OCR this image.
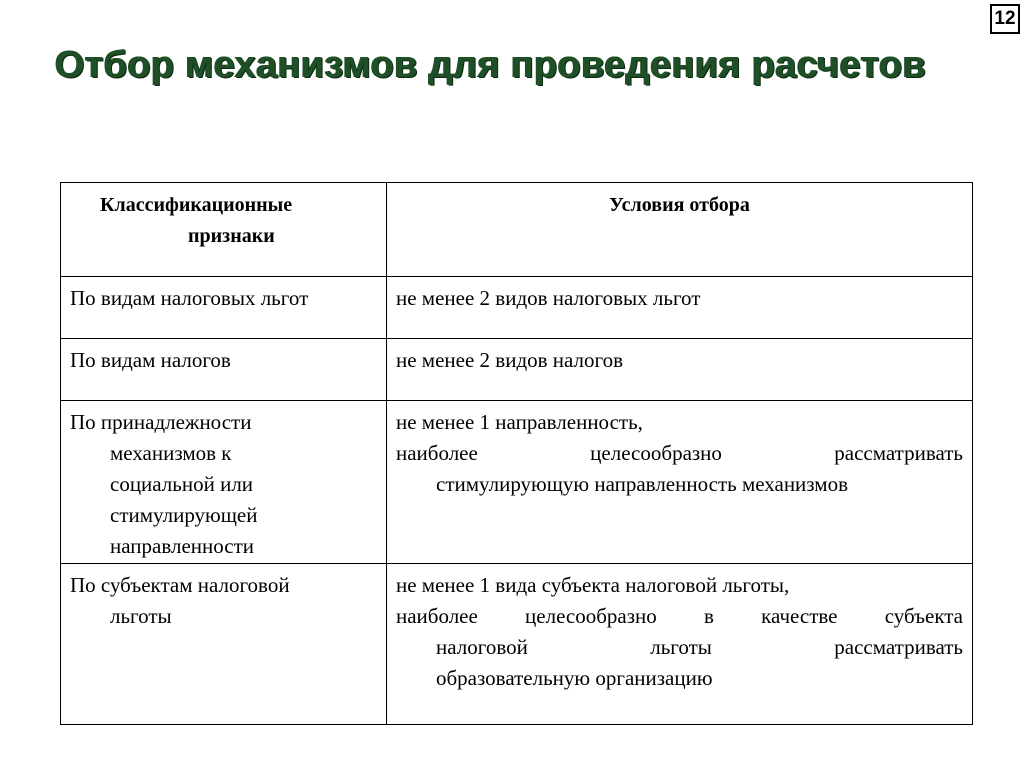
12
Отбор механизмов для проведения расчетов
Классификационные
признаки	Условия отбора

По видам налоговых льгот	не менее 2 видов налоговых льгот

По видам налогов	не менее 2 видов налогов

По принадлежности
механизмов к
социальной или
стимулирующей
направленности	не менее 1 направленность,
наиболее целесообразно рассматривать
стимулирующую направленность механизмов

По субъектам налоговой
льготы	не менее 1 вида субъекта налоговой льготы,
наиболее целесообразно в качестве субъекта
налоговой льготы рассматривать
образовательную организацию
